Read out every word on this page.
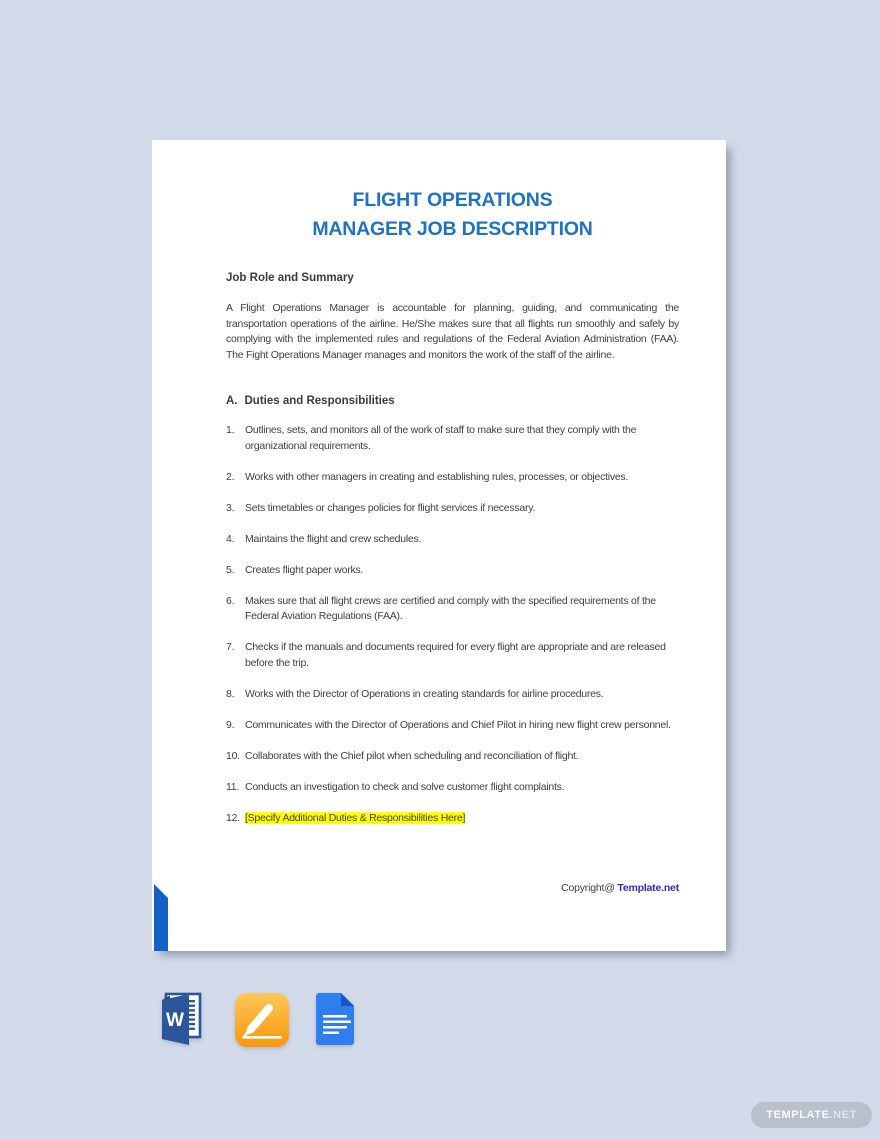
FLIGHT OPERATIONS
MANAGER JOB DESCRIPTION
Job Role and Summary
A Flight Operations Manager is accountable for planning, guiding, and communicating the transportation operations of the airline. He/She makes sure that all flights run smoothly and safely by complying with the implemented rules and regulations of the Federal Aviation Administration (FAA). The Fight Operations Manager manages and monitors the work of the staff of the airline.
A. Duties and Responsibilities
1. Outlines, sets, and monitors all of the work of staff to make sure that they comply with the organizational requirements.
2. Works with other managers in creating and establishing rules, processes, or objectives.
3. Sets timetables or changes policies for flight services if necessary.
4. Maintains the flight and crew schedules.
5. Creates flight paper works.
6. Makes sure that all flight crews are certified and comply with the specified requirements of the Federal Aviation Regulations (FAA).
7. Checks if the manuals and documents required for every flight are appropriate and are released before the trip.
8. Works with the Director of Operations in creating standards for airline procedures.
9. Communicates with the Director of Operations and Chief Pilot in hiring new flight crew personnel.
10. Collaborates with the Chief pilot when scheduling and reconciliation of flight.
11. Conducts an investigation to check and solve customer flight complaints.
12. [Specify Additional Duties & Responsibilities Here]
Copyright@ Template.net
W
TEMPLATE .NET
